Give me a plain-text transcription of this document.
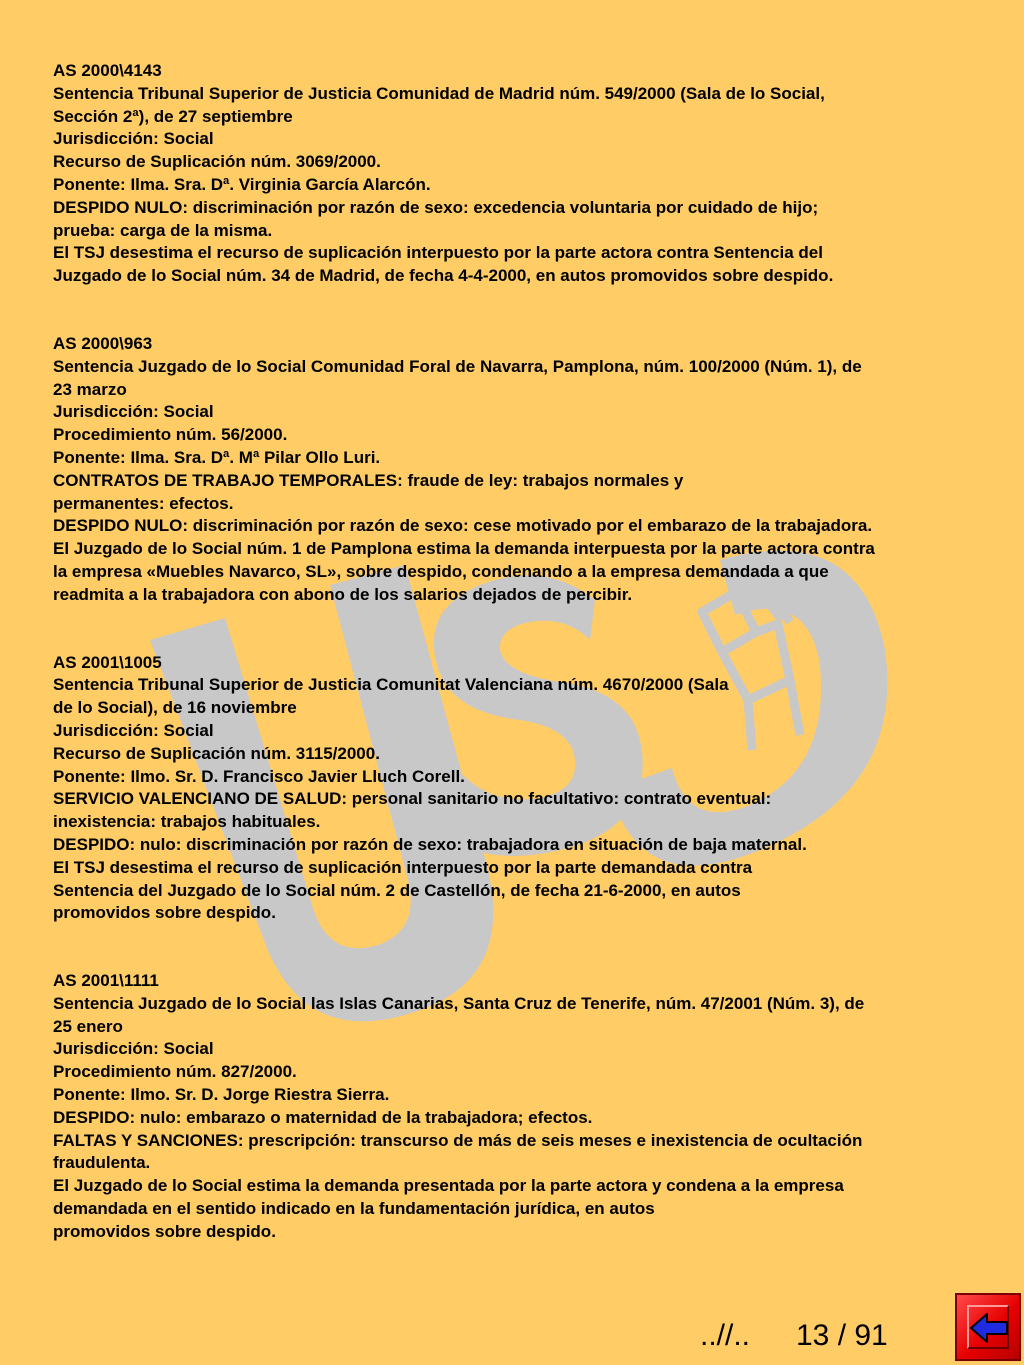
AS 2000\4143
Sentencia Tribunal Superior de Justicia Comunidad de Madrid núm. 549/2000 (Sala de lo Social,
Sección 2ª), de 27 septiembre
Jurisdicción: Social
Recurso de Suplicación núm. 3069/2000.
Ponente: Ilma. Sra. Dª. Virginia García Alarcón.
DESPIDO NULO: discriminación por razón de sexo: excedencia voluntaria por cuidado de hijo;
prueba: carga de la misma.
El TSJ desestima el recurso de suplicación interpuesto por la parte actora contra Sentencia del
Juzgado de lo Social núm. 34 de Madrid, de fecha 4-4-2000, en autos promovidos sobre despido.
AS 2000\963
Sentencia Juzgado de lo Social Comunidad Foral de Navarra, Pamplona, núm. 100/2000 (Núm. 1), de
23 marzo
Jurisdicción: Social
Procedimiento núm. 56/2000.
Ponente: Ilma. Sra. Dª. Mª Pilar Ollo Luri.
CONTRATOS DE TRABAJO TEMPORALES: fraude de ley: trabajos normales y
permanentes: efectos.
DESPIDO NULO: discriminación por razón de sexo: cese motivado por el embarazo de la trabajadora.
El Juzgado de lo Social núm. 1 de Pamplona estima la demanda interpuesta por la parte actora contra
la empresa «Muebles Navarco, SL», sobre despido, condenando a la empresa demandada a que
readmita a la trabajadora con abono de los salarios dejados de percibir.
AS 2001\1005
Sentencia Tribunal Superior de Justicia Comunitat Valenciana núm. 4670/2000 (Sala
de lo Social), de 16 noviembre
Jurisdicción: Social
Recurso de Suplicación núm. 3115/2000.
Ponente: Ilmo. Sr. D. Francisco Javier Lluch Corell.
SERVICIO VALENCIANO DE SALUD: personal sanitario no facultativo: contrato eventual:
inexistencia: trabajos habituales.
DESPIDO: nulo: discriminación por razón de sexo: trabajadora en situación de baja maternal.
El TSJ desestima el recurso de suplicación interpuesto por la parte demandada contra
Sentencia del Juzgado de lo Social núm. 2 de Castellón, de fecha 21-6-2000, en autos
promovidos sobre despido.
AS 2001\1111
Sentencia Juzgado de lo Social las Islas Canarias, Santa Cruz de Tenerife, núm. 47/2001 (Núm. 3), de
25 enero
Jurisdicción: Social
Procedimiento núm. 827/2000.
Ponente: Ilmo. Sr. D. Jorge Riestra Sierra.
DESPIDO: nulo: embarazo o maternidad de la trabajadora; efectos.
FALTAS Y SANCIONES: prescripción: transcurso de más de seis meses e inexistencia de ocultación
fraudulenta.
El Juzgado de lo Social estima la demanda presentada por la parte actora y condena a la empresa
demandada en el sentido indicado en la fundamentación jurídica, en autos
promovidos sobre despido.
..//.. 13 / 91
